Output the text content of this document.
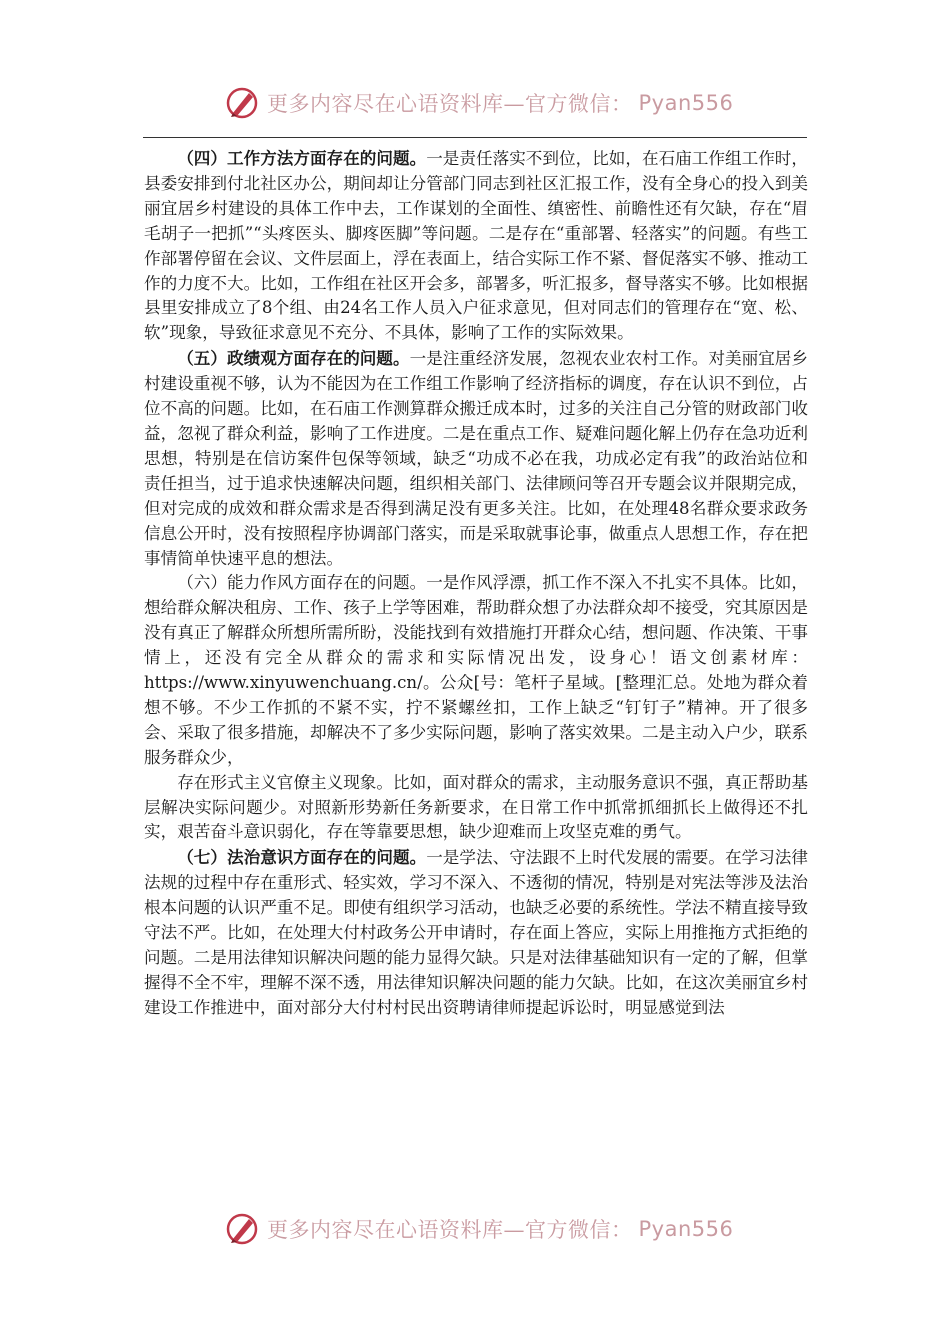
更多内容尽在心语资料库—官方微信： Pyan556

（四）工作方法方面存在的问题。一是责任落实不到位，比如，在石庙工作组工作时，县委安排到付北社区办公，期间却让分管部门同志到社区汇报工作，没有全身心的投入到美丽宜居乡村建设的具体工作中去，工作谋划的全面性、缜密性、前瞻性还有欠缺，存在“眉毛胡子一把抓”“头疼医头、脚疼医脚”等问题。二是存在“重部署、轻落实”的问题。有些工作部署停留在会议、文件层面上，浮在表面上，结合实际工作不紧、督促落实不够、推动工作的力度不大。比如，工作组在社区开会多，部署多，听汇报多，督导落实不够。比如根据县里安排成立了8个组、由24名工作人员入户征求意见，但对同志们的管理存在“宽、松、软”现象，导致征求意见不充分、不具体，影响了工作的实际效果。

（五）政绩观方面存在的问题。一是注重经济发展，忽视农业农村工作。对美丽宜居乡村建设重视不够，认为不能因为在工作组工作影响了经济指标的调度，存在认识不到位，占位不高的问题。比如，在石庙工作测算群众搬迁成本时，过多的关注自己分管的财政部门收益，忽视了群众利益，影响了工作进度。二是在重点工作、疑难问题化解上仍存在急功近利思想，特别是在信访案件包保等领域，缺乏“功成不必在我，功成必定有我”的政治站位和责任担当，过于追求快速解决问题，组织相关部门、法律顾问等召开专题会议并限期完成，但对完成的成效和群众需求是否得到满足没有更多关注。比如，在处理48名群众要求政务信息公开时，没有按照程序协调部门落实，而是采取就事论事，做重点人思想工作，存在把事情简单快速平息的想法。

（六）能力作风方面存在的问题。一是作风浮漂，抓工作不深入不扎实不具体。比如，想给群众解决租房、工作、孩子上学等困难，帮助群众想了办法群众却不接受，究其原因是没有真正了解群众所想所需所盼，没能找到有效措施打开群众心结，想问题、作决策、干事情上，还没有完全从群众的需求和实际情况出发，设身心！语文创素材库：https://www.xinyuwenchuang.cn/。公众[号：笔杆子星域。[整理汇总。处地为群众着想不够。不少工作抓的不紧不实，拧不紧螺丝扣，工作上缺乏“钉钉子”精神。开了很多会、采取了很多措施，却解决不了多少实际问题，影响了落实效果。二是主动入户少，联系服务群众少，

存在形式主义官僚主义现象。比如，面对群众的需求，主动服务意识不强，真正帮助基层解决实际问题少。对照新形势新任务新要求，在日常工作中抓常抓细抓长上做得还不扎实，艰苦奋斗意识弱化，存在等靠要思想，缺少迎难而上攻坚克难的勇气。

（七）法治意识方面存在的问题。一是学法、守法跟不上时代发展的需要。在学习法律法规的过程中存在重形式、轻实效，学习不深入、不透彻的情况，特别是对宪法等涉及法治根本问题的认识严重不足。即使有组织学习活动，也缺乏必要的系统性。学法不精直接导致守法不严。比如，在处理大付村政务公开申请时，存在面上答应，实际上用推拖方式拒绝的问题。二是用法律知识解决问题的能力显得欠缺。只是对法律基础知识有一定的了解，但掌握得不全不牢，理解不深不透，用法律知识解决问题的能力欠缺。比如，在这次美丽宜乡村建设工作推进中，面对部分大付村村民出资聘请律师提起诉讼时，明显感觉到法

更多内容尽在心语资料库—官方微信： Pyan556
